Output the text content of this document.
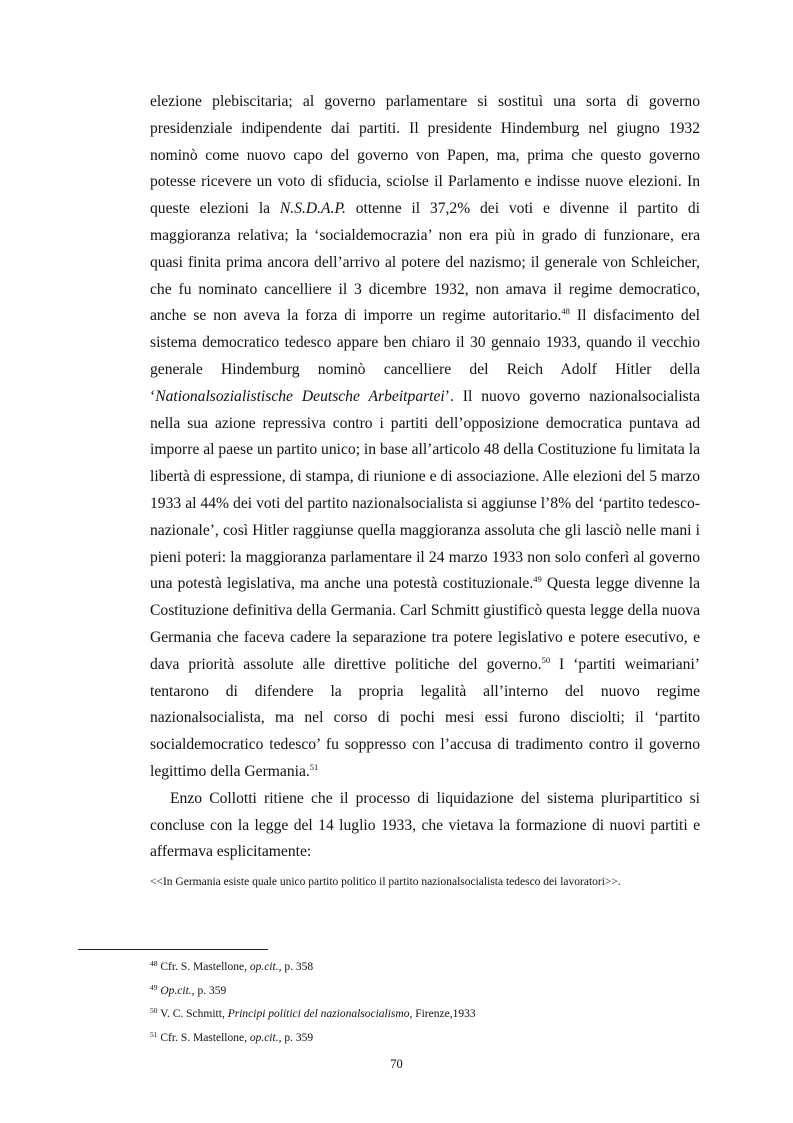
elezione plebiscitaria; al governo parlamentare si sostituì una sorta di governo presidenziale indipendente dai partiti. Il presidente Hindemburg nel giugno 1932 nominò come nuovo capo del governo von Papen, ma, prima che questo governo potesse ricevere un voto di sfiducia, sciolse il Parlamento e indisse nuove elezioni. In queste elezioni la N.S.D.A.P. ottenne il 37,2% dei voti e divenne il partito di maggioranza relativa; la ‘socialdemocrazia’ non era più in grado di funzionare, era quasi finita prima ancora dell’arrivo al potere del nazismo; il generale von Schleicher, che fu nominato cancelliere il 3 dicembre 1932, non amava il regime democratico, anche se non aveva la forza di imporre un regime autoritario.$^{48}$ Il disfacimento del sistema democratico tedesco appare ben chiaro il 30 gennaio 1933, quando il vecchio generale Hindemburg nominò cancelliere del Reich Adolf Hitler della ‘Nationalsozialistische Deutsche Arbeitpartei’. Il nuovo governo nazionalsocialista nella sua azione repressiva contro i partiti dell’opposizione democratica puntava ad imporre al paese un partito unico; in base all’articolo 48 della Costituzione fu limitata la libertà di espressione, di stampa, di riunione e di associazione. Alle elezioni del 5 marzo 1933 al 44% dei voti del partito nazionalsocialista si aggiunse l’8% del ‘partito tedesco-nazionale’, così Hitler raggiunse quella maggioranza assoluta che gli lasciò nelle mani i pieni poteri: la maggioranza parlamentare il 24 marzo 1933 non solo conferì al governo una potestà legislativa, ma anche una potestà costituzionale.$^{49}$ Questa legge divenne la Costituzione definitiva della Germania. Carl Schmitt giustificò questa legge della nuova Germania che faceva cadere la separazione tra potere legislativo e potere esecutivo, e dava priorità assolute alle direttive politiche del governo.$^{50}$ I ‘partiti weimariani’ tentarono di difendere la propria legalità all’interno del nuovo regime nazionalsocialista, ma nel corso di pochi mesi essi furono disciolti; il ‘partito socialdemocratico tedesco’ fu soppresso con l’accusa di tradimento contro il governo legittimo della Germania.$^{51}$

Enzo Collotti ritiene che il processo di liquidazione del sistema pluripartitico si concluse con la legge del 14 luglio 1933, che vietava la formazione di nuovi partiti e affermava esplicitamente:

<<In Germania esiste quale unico partito politico il partito nazionalsocialista tedesco dei lavoratori>>.

$^{48}$ Cfr. S. Mastellone, op.cit., p. 358

$^{49}$ Op.cit., p. 359

$^{50}$ V. C. Schmitt, Principi politici del nazionalsocialismo, Firenze,1933

$^{51}$ Cfr. S. Mastellone, op.cit., p. 359

70
